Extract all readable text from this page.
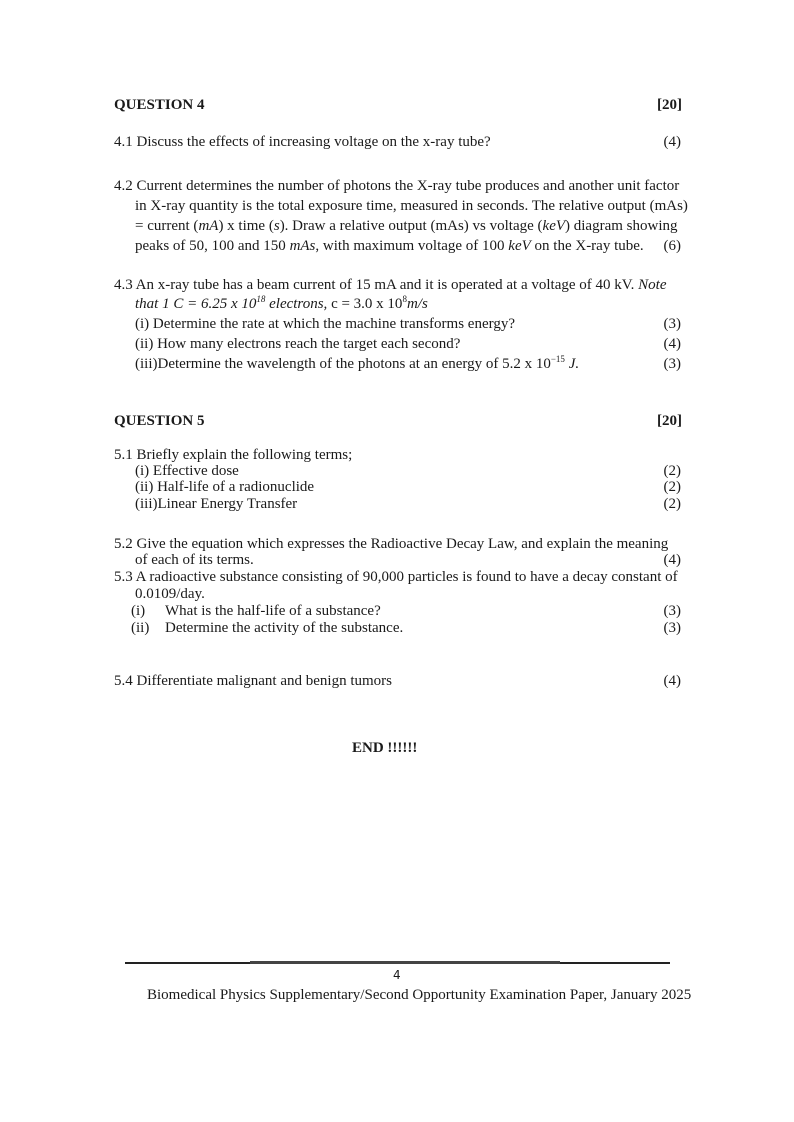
QUESTION 4	[20]
4.1 Discuss the effects of increasing voltage on the x-ray tube?	(4)
4.2 Current determines the number of photons the X-ray tube produces and another unit factor
in X-ray quantity is the total exposure time, measured in seconds. The relative output (mAs)
= current (mA) x time (s). Draw a relative output (mAs) vs voltage (keV) diagram showing
peaks of 50, 100 and 150 mAs, with maximum voltage of 100 keV on the X-ray tube. (6)
4.3 An x-ray tube has a beam current of 15 mA and it is operated at a voltage of 40 kV. Note
that 1 C = 6.25 x $10^{18}$ electrons, c = 3.0 x $10^8m/s$
(i) Determine the rate at which the machine transforms energy?	(3)
(ii) How many electrons reach the target each second?	(4)
(iii)Determine the wavelength of the photons at an energy of 5.2 x $10^{-15}$ J.	(3)
QUESTION 5	[20]
5.1 Briefly explain the following terms;
(i) Effective dose	(2)
(ii) Half-life of a radionuclide	(2)
(iii)Linear Energy Transfer	(2)
5.2 Give the equation which expresses the Radioactive Decay Law, and explain the meaning
of each of its terms.	(4)
5.3 A radioactive substance consisting of 90,000 particles is found to have a decay constant of
0.0109/day.
(i) What is the half-life of a substance?	(3)
(ii) Determine the activity of the substance.	(3)
5.4 Differentiate malignant and benign tumors	(4)
END !!!!!!
4
Biomedical Physics Supplementary/Second Opportunity Examination Paper, January 2025
